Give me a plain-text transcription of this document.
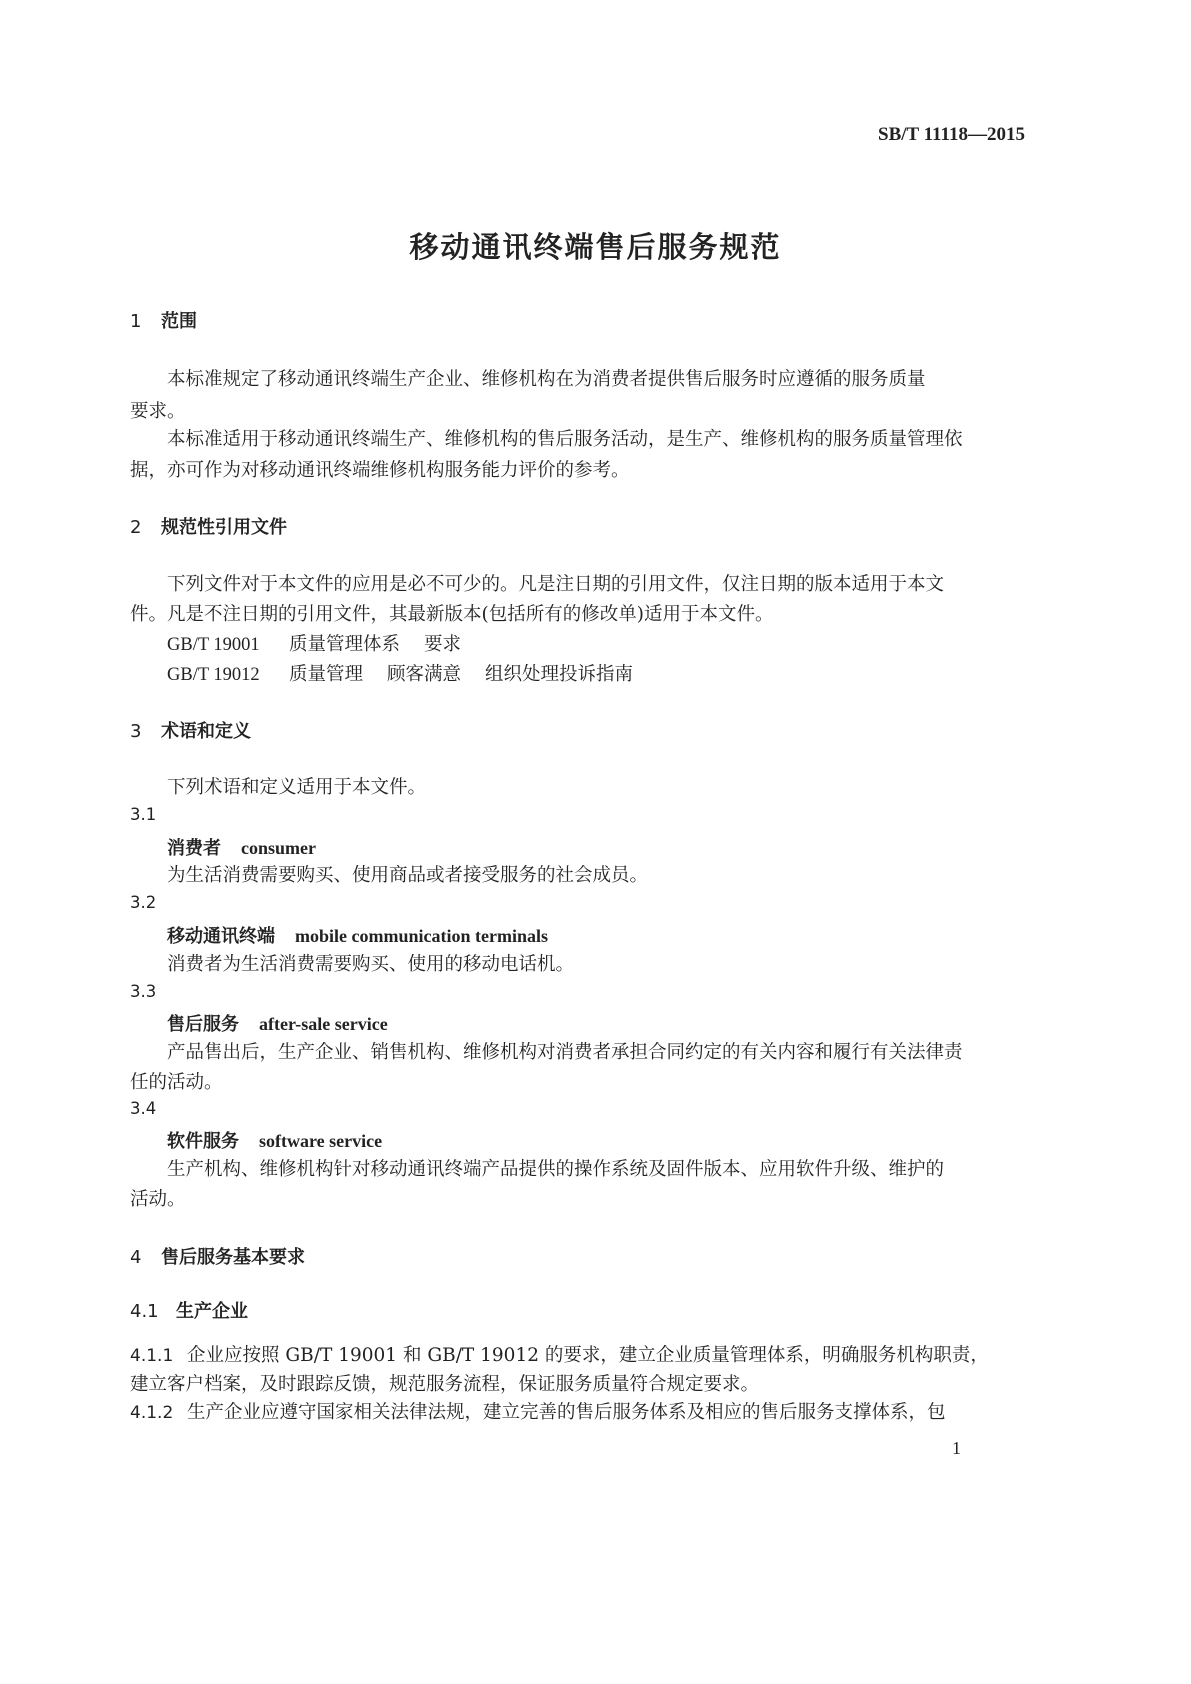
SB/T 11118—2015
移动通讯终端售后服务规范
1 范围
本标准规定了移动通讯终端生产企业、维修机构在为消费者提供售后服务时应遵循的服务质量
要求。
本标准适用于移动通讯终端生产、维修机构的售后服务活动，是生产、维修机构的服务质量管理依
据，亦可作为对移动通讯终端维修机构服务能力评价的参考。
2 规范性引用文件
下列文件对于本文件的应用是必不可少的。凡是注日期的引用文件，仅注日期的版本适用于本文
件。凡是不注日期的引用文件，其最新版本(包括所有的修改单)适用于本文件。
GB/T 19001 质量管理体系 要求
GB/T 19012 质量管理 顾客满意 组织处理投诉指南
3 术语和定义
下列术语和定义适用于本文件。
3.1
消费者 consumer
为生活消费需要购买、使用商品或者接受服务的社会成员。
3.2
移动通讯终端 mobile communication terminals
消费者为生活消费需要购买、使用的移动电话机。
3.3
售后服务 after-sale service
产品售出后，生产企业、销售机构、维修机构对消费者承担合同约定的有关内容和履行有关法律责
任的活动。
3.4
软件服务 software service
生产机构、维修机构针对移动通讯终端产品提供的操作系统及固件版本、应用软件升级、维护的
活动。
4 售后服务基本要求
4.1 生产企业
4.1.1 企业应按照 GB/T 19001 和 GB/T 19012 的要求，建立企业质量管理体系，明确服务机构职责，
建立客户档案，及时跟踪反馈，规范服务流程，保证服务质量符合规定要求。
4.1.2 生产企业应遵守国家相关法律法规，建立完善的售后服务体系及相应的售后服务支撑体系，包
1
